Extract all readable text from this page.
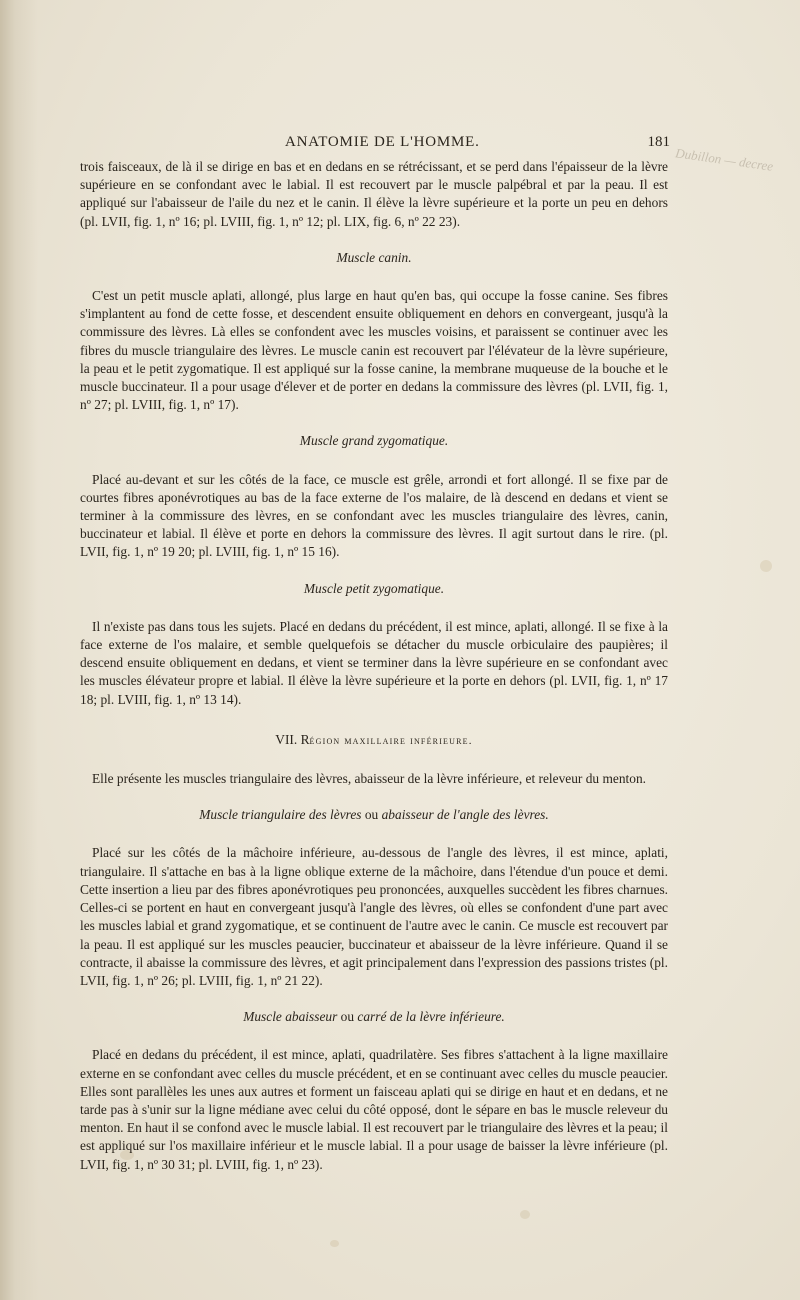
Dubillon — decree
ANATOMIE DE L'HOMME.	181

trois faisceaux, de là il se dirige en bas et en dedans en se rétrécissant, et se perd dans l'épaisseur de la lèvre supérieure en se confondant avec le labial. Il est recouvert par le muscle palpébral et par la peau. Il est appliqué sur l'abaisseur de l'aile du nez et le canin. Il élève la lèvre supérieure et la porte un peu en dehors (pl. LVII, fig. 1, nº 16; pl. LVIII, fig. 1, nº 12; pl. LIX, fig. 6, nº 22 23).

Muscle canin.

C'est un petit muscle aplati, allongé, plus large en haut qu'en bas, qui occupe la fosse canine. Ses fibres s'implantent au fond de cette fosse, et descendent ensuite obliquement en dehors en convergeant, jusqu'à la commissure des lèvres. Là elles se confondent avec les muscles voisins, et paraissent se continuer avec les fibres du muscle triangulaire des lèvres. Le muscle canin est recouvert par l'élévateur de la lèvre supérieure, la peau et le petit zygomatique. Il est appliqué sur la fosse canine, la membrane muqueuse de la bouche et le muscle buccinateur. Il a pour usage d'élever et de porter en dedans la commissure des lèvres (pl. LVII, fig. 1, nº 27; pl. LVIII, fig. 1, nº 17).

Muscle grand zygomatique.

Placé au-devant et sur les côtés de la face, ce muscle est grêle, arrondi et fort allongé. Il se fixe par de courtes fibres aponévrotiques au bas de la face externe de l'os malaire, de là descend en dedans et vient se terminer à la commissure des lèvres, en se confondant avec les muscles triangulaire des lèvres, canin, buccinateur et labial. Il élève et porte en dehors la commissure des lèvres. Il agit surtout dans le rire. (pl. LVII, fig. 1, nº 19 20; pl. LVIII, fig. 1, nº 15 16).

Muscle petit zygomatique.

Il n'existe pas dans tous les sujets. Placé en dedans du précédent, il est mince, aplati, allongé. Il se fixe à la face externe de l'os malaire, et semble quelquefois se détacher du muscle orbiculaire des paupières; il descend ensuite obliquement en dedans, et vient se terminer dans la lèvre supérieure en se confondant avec les muscles élévateur propre et labial. Il élève la lèvre supérieure et la porte en dehors (pl. LVII, fig. 1, nº 17 18; pl. LVIII, fig. 1, nº 13 14).

VII. Région maxillaire inférieure.

Elle présente les muscles triangulaire des lèvres, abaisseur de la lèvre inférieure, et releveur du menton.

Muscle triangulaire des lèvres ou abaisseur de l'angle des lèvres.

Placé sur les côtés de la mâchoire inférieure, au-dessous de l'angle des lèvres, il est mince, aplati, triangulaire. Il s'attache en bas à la ligne oblique externe de la mâchoire, dans l'étendue d'un pouce et demi. Cette insertion a lieu par des fibres aponévrotiques peu prononcées, auxquelles succèdent les fibres charnues. Celles-ci se portent en haut en convergeant jusqu'à l'angle des lèvres, où elles se confondent d'une part avec les muscles labial et grand zygomatique, et se continuent de l'autre avec le canin. Ce muscle est recouvert par la peau. Il est appliqué sur les muscles peaucier, buccinateur et abaisseur de la lèvre inférieure. Quand il se contracte, il abaisse la commissure des lèvres, et agit principalement dans l'expression des passions tristes (pl. LVII, fig. 1, nº 26; pl. LVIII, fig. 1, nº 21 22).

Muscle abaisseur ou carré de la lèvre inférieure.

Placé en dedans du précédent, il est mince, aplati, quadrilatère. Ses fibres s'attachent à la ligne maxillaire externe en se confondant avec celles du muscle précédent, et en se continuant avec celles du muscle peaucier. Elles sont parallèles les unes aux autres et forment un faisceau aplati qui se dirige en haut et en dedans, et ne tarde pas à s'unir sur la ligne médiane avec celui du côté opposé, dont le sépare en bas le muscle releveur du menton. En haut il se confond avec le muscle labial. Il est recouvert par le triangulaire des lèvres et la peau; il est appliqué sur l'os maxillaire inférieur et le muscle labial. Il a pour usage de baisser la lèvre inférieure (pl. LVII, fig. 1, nº 30 31; pl. LVIII, fig. 1, nº 23).
